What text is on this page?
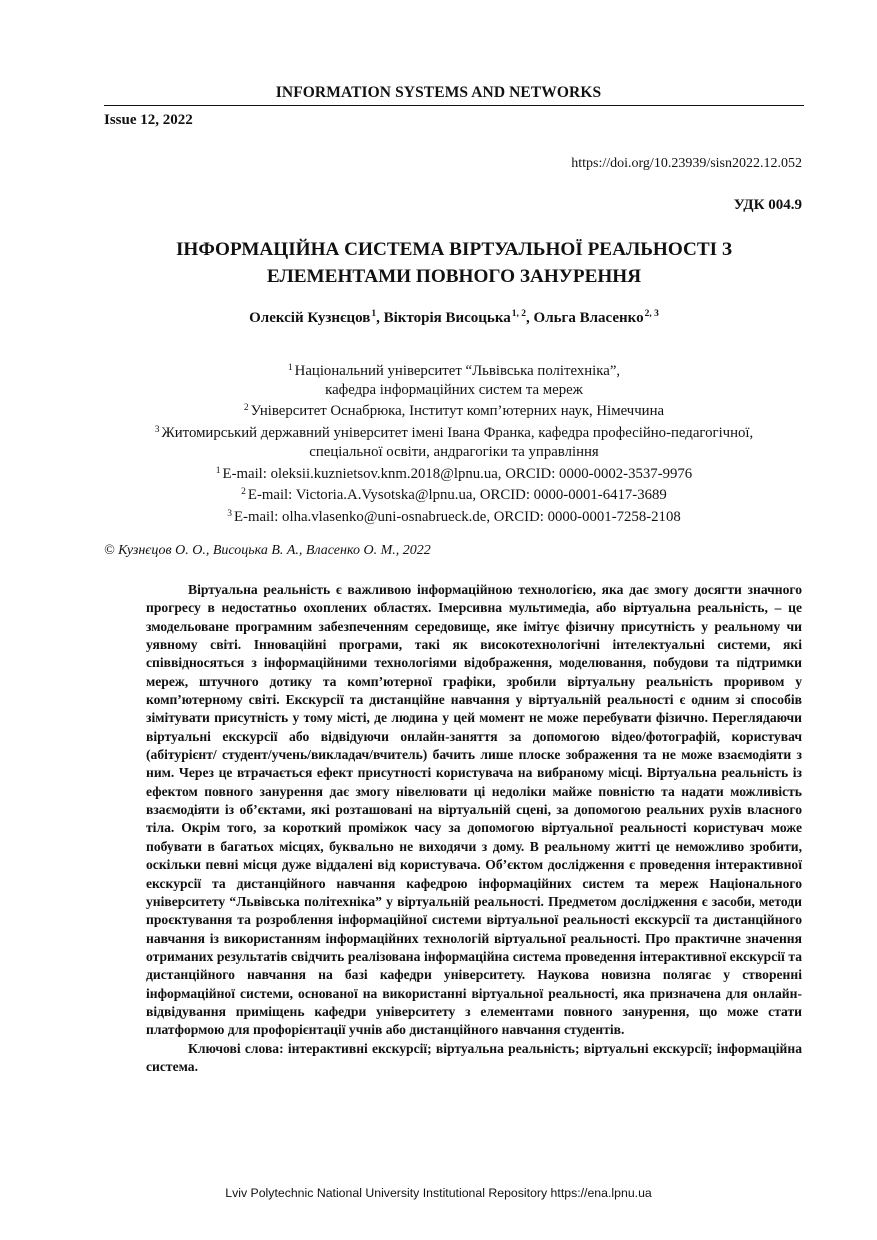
INFORMATION SYSTEMS AND NETWORKS
Issue 12, 2022
https://doi.org/10.23939/sisn2022.12.052
УДК 004.9
ІНФОРМАЦІЙНА СИСТЕМА ВІРТУАЛЬНОЇ РЕАЛЬНОСТІ З
ЕЛЕМЕНТАМИ ПОВНОГО ЗАНУРЕННЯ
Олексій Кузнєцов$^1$, Вікторія Висоцька$^{1, 2}$, Ольга Власенко$^{2, 3}$
$^1$ Національний університет “Львівська політехніка”,
кафедра інформаційних систем та мереж
$^2$ Університет Оснабрюка, Інститут комп’ютерних наук, Німеччина
$^3$ Житомирський державний університет імені Івана Франка, кафедра професійно-педагогічної,
спеціальної освіти, андрагогіки та управління
$^1$ E-mail: oleksii.kuznietsov.knm.2018@lpnu.ua, ORCID: 0000-0002-3537-9976
$^2$ E-mail: Victoria.A.Vysotska@lpnu.ua, ORCID: 0000-0001-6417-3689
$^3$ E-mail: olha.vlasenko@uni-osnabrueck.de, ORCID: 0000-0001-7258-2108
© Кузнєцов О. О., Висоцька В. А., Власенко О. М., 2022

Віртуальна реальність є важливою інформаційною технологією, яка дає змогу досягти значного прогресу в недостатньо охоплених областях. Імерсивна мультимедіа, або віртуальна реальність, – це змодельоване програмним забезпеченням середовище, яке імітує фізичну присутність у реальному чи уявному світі. Інноваційні програми, такі як високотехнологічні інтелектуальні системи, які співвідносяться з інформаційними технологіями відображення, моделювання, побудови та підтримки мереж, штучного дотику та комп’ютерної графіки, зробили віртуальну реальність проривом у комп’ютерному світі. Екскурсії та дистанційне навчання у віртуальній реальності є одним зі способів зімітувати присутність у тому місті, де людина у цей момент не може перебувати фізично. Переглядаючи віртуальні екскурсії або відвідуючи онлайн-заняття за допомогою відео/фотографій, користувач (абітурієнт/ студент/учень/викладач/вчитель) бачить лише плоске зображення та не може взаємодіяти з ним. Через це втрачається ефект присутності користувача на вибраному місці. Віртуальна реальність із ефектом повного занурення дає змогу нівелювати ці недоліки майже повністю та надати можливість взаємодіяти із об’єктами, які розташовані на віртуальній сцені, за допомогою реальних рухів власного тіла. Окрім того, за короткий проміжок часу за допомогою віртуальної реальності користувач може побувати в багатьох місцях, буквально не виходячи з дому. В реальному житті це неможливо зробити, оскільки певні місця дуже віддалені від користувача. Об’єктом дослідження є проведення інтерактивної екскурсії та дистанційного навчання кафедрою інформаційних систем та мереж Національного університету “Львівська політехніка” у віртуальній реальності. Предметом дослідження є засоби, методи проєктування та розроблення інформаційної системи віртуальної реальності екскурсії та дистанційного навчання із використанням інформаційних технологій віртуальної реальності. Про практичне значення отриманих результатів свідчить реалізована інформаційна система проведення інтерактивної екскурсії та дистанційного навчання на базі кафедри університету. Наукова новизна полягає у створенні інформаційної системи, основаної на використанні віртуальної реальності, яка призначена для онлайн-відвідування приміщень кафедри університету з елементами повного занурення, що може стати платформою для профорієнтації учнів або дистанційного навчання студентів.

Ключові слова: інтерактивні екскурсії; віртуальна реальність; віртуальні екскурсії; інформаційна система.

Lviv Polytechnic National University Institutional Repository https://ena.lpnu.ua
